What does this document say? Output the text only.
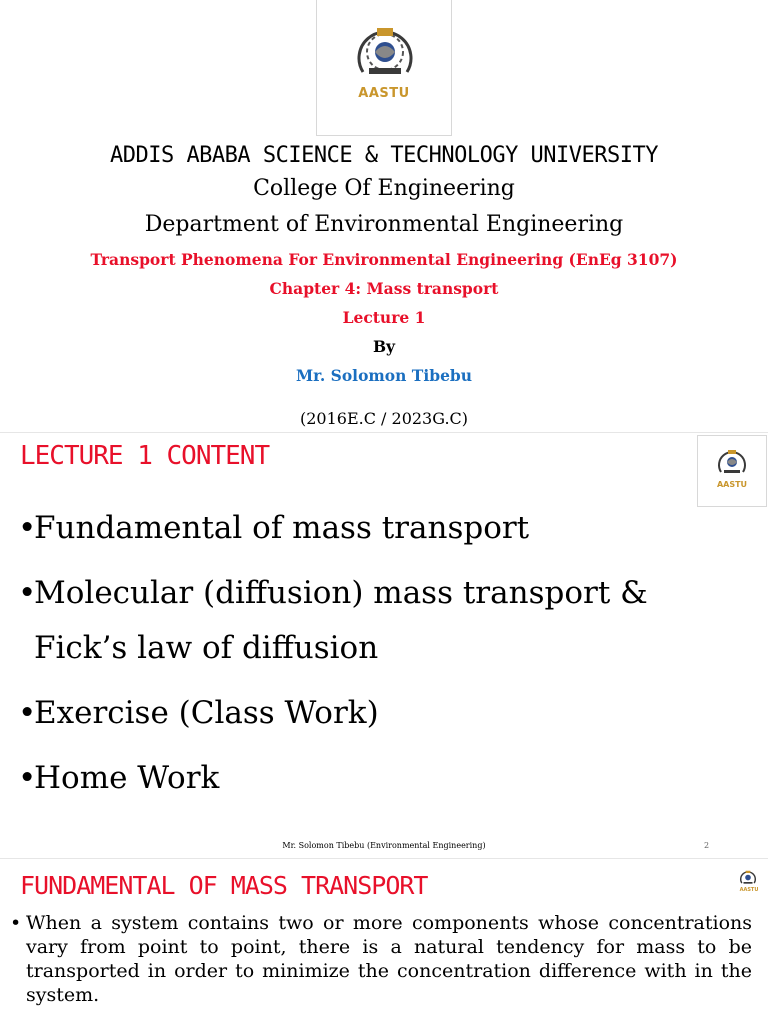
AASTU
ADDIS ABABA SCIENCE & TECHNOLOGY UNIVERSITY
College Of Engineering
Department of Environmental Engineering
Transport Phenomena For Environmental Engineering (EnEg 3107)
Chapter 4: Mass transport
Lecture 1
By
Mr. Solomon Tibebu
(2016E.C / 2023G.C)
LECTURE 1 CONTENT
AASTU
• Fundamental of mass transport
• Molecular (diffusion) mass transport & Fick’s law of diffusion
• Exercise (Class Work)
• Home Work
Mr. Solomon Tibebu (Environmental Engineering)	2
FUNDAMENTAL OF MASS TRANSPORT	AASTU
• When a system contains two or more components whose concentrations vary from point to point, there is a natural tendency for mass to be transported in order to minimize the concentration difference with in the system.
